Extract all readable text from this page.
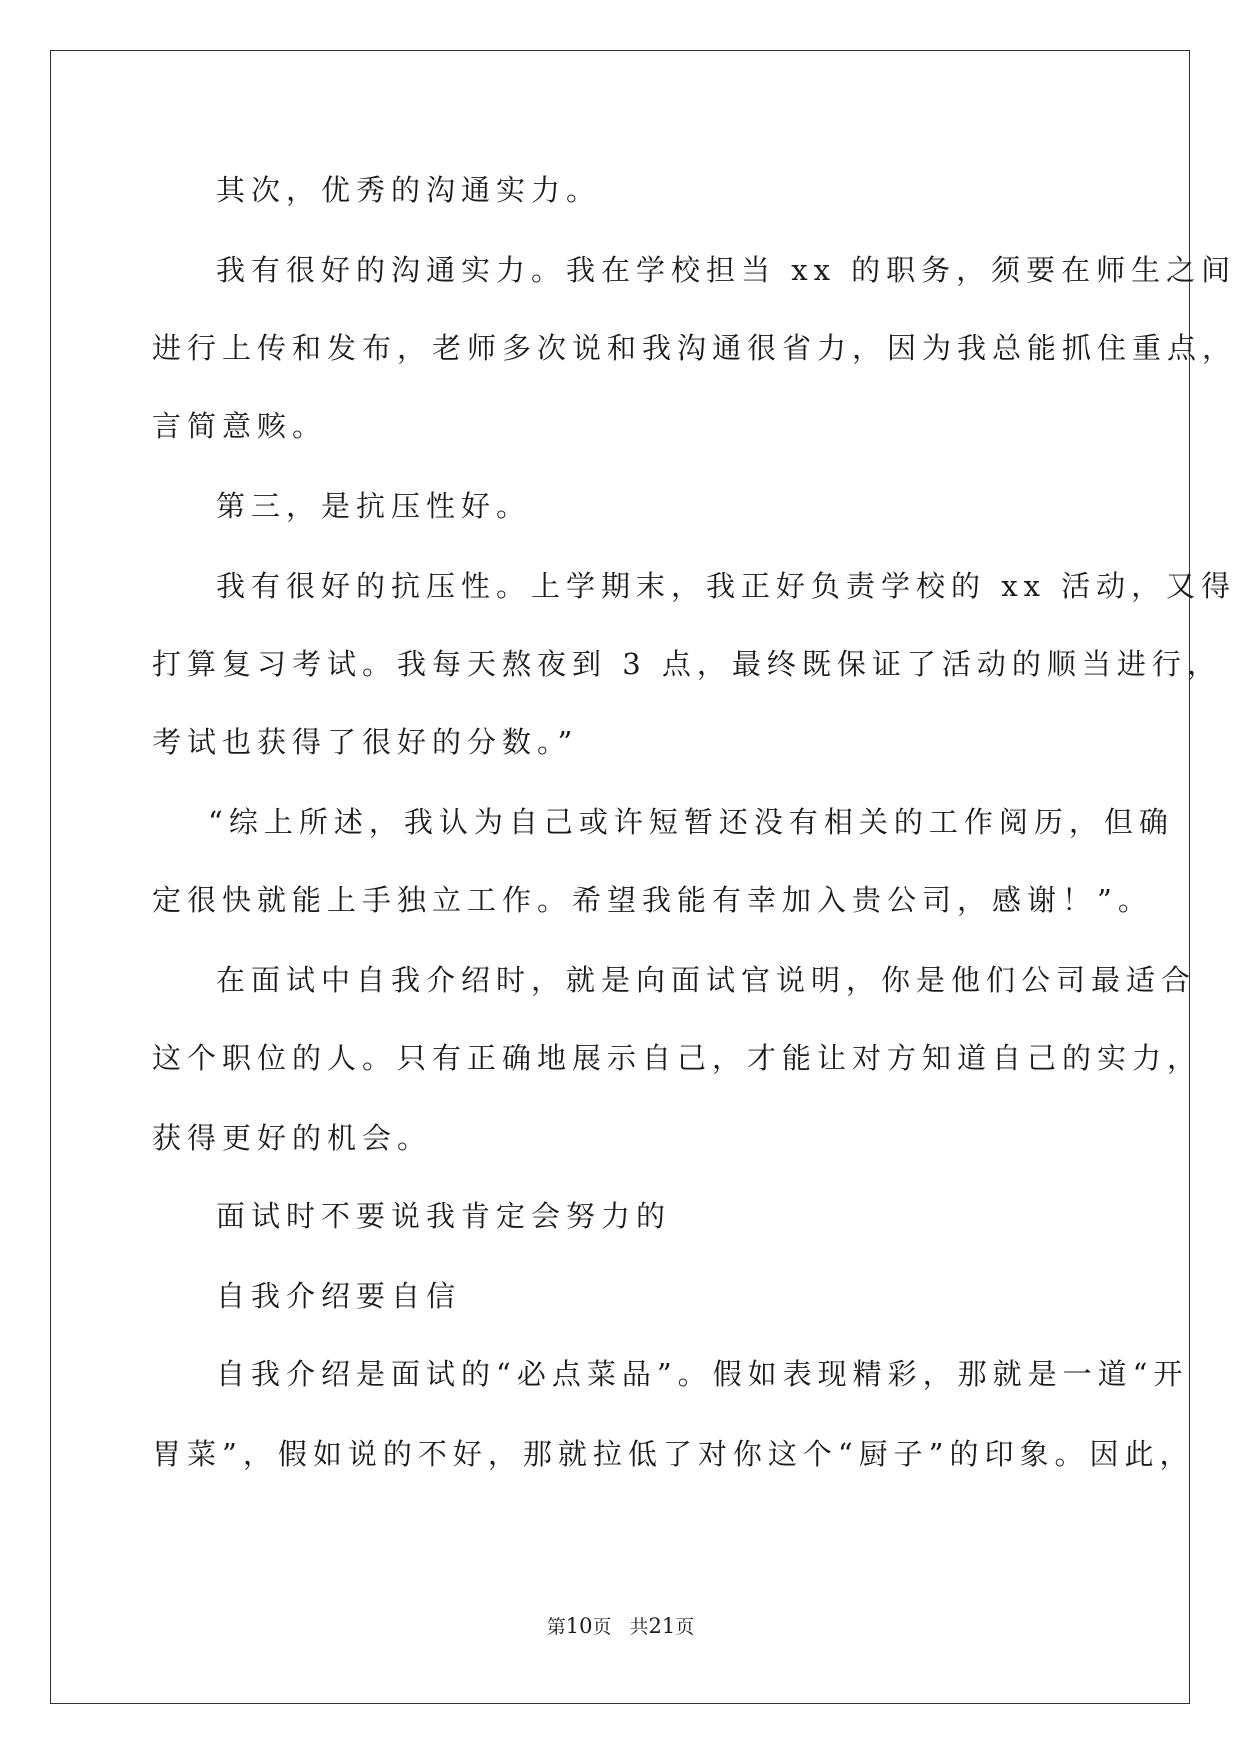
其次，优秀的沟通实力。
我有很好的沟通实力。我在学校担当 xx 的职务，须要在师生之间
进行上传和发布，老师多次说和我沟通很省力，因为我总能抓住重点，
言简意赅。
第三，是抗压性好。
我有很好的抗压性。上学期末，我正好负责学校的 xx 活动，又得
打算复习考试。我每天熬夜到 3 点，最终既保证了活动的顺当进行，
考试也获得了很好的分数。”
“综上所述，我认为自己或许短暂还没有相关的工作阅历，但确
定很快就能上手独立工作。希望我能有幸加入贵公司，感谢！”。
在面试中自我介绍时，就是向面试官说明，你是他们公司最适合
这个职位的人。只有正确地展示自己，才能让对方知道自己的实力，
获得更好的机会。
面试时不要说我肯定会努力的
自我介绍要自信
自我介绍是面试的“必点菜品”。假如表现精彩，那就是一道“开
胃菜”，假如说的不好，那就拉低了对你这个“厨子”的印象。因此，
第10页 共21页
